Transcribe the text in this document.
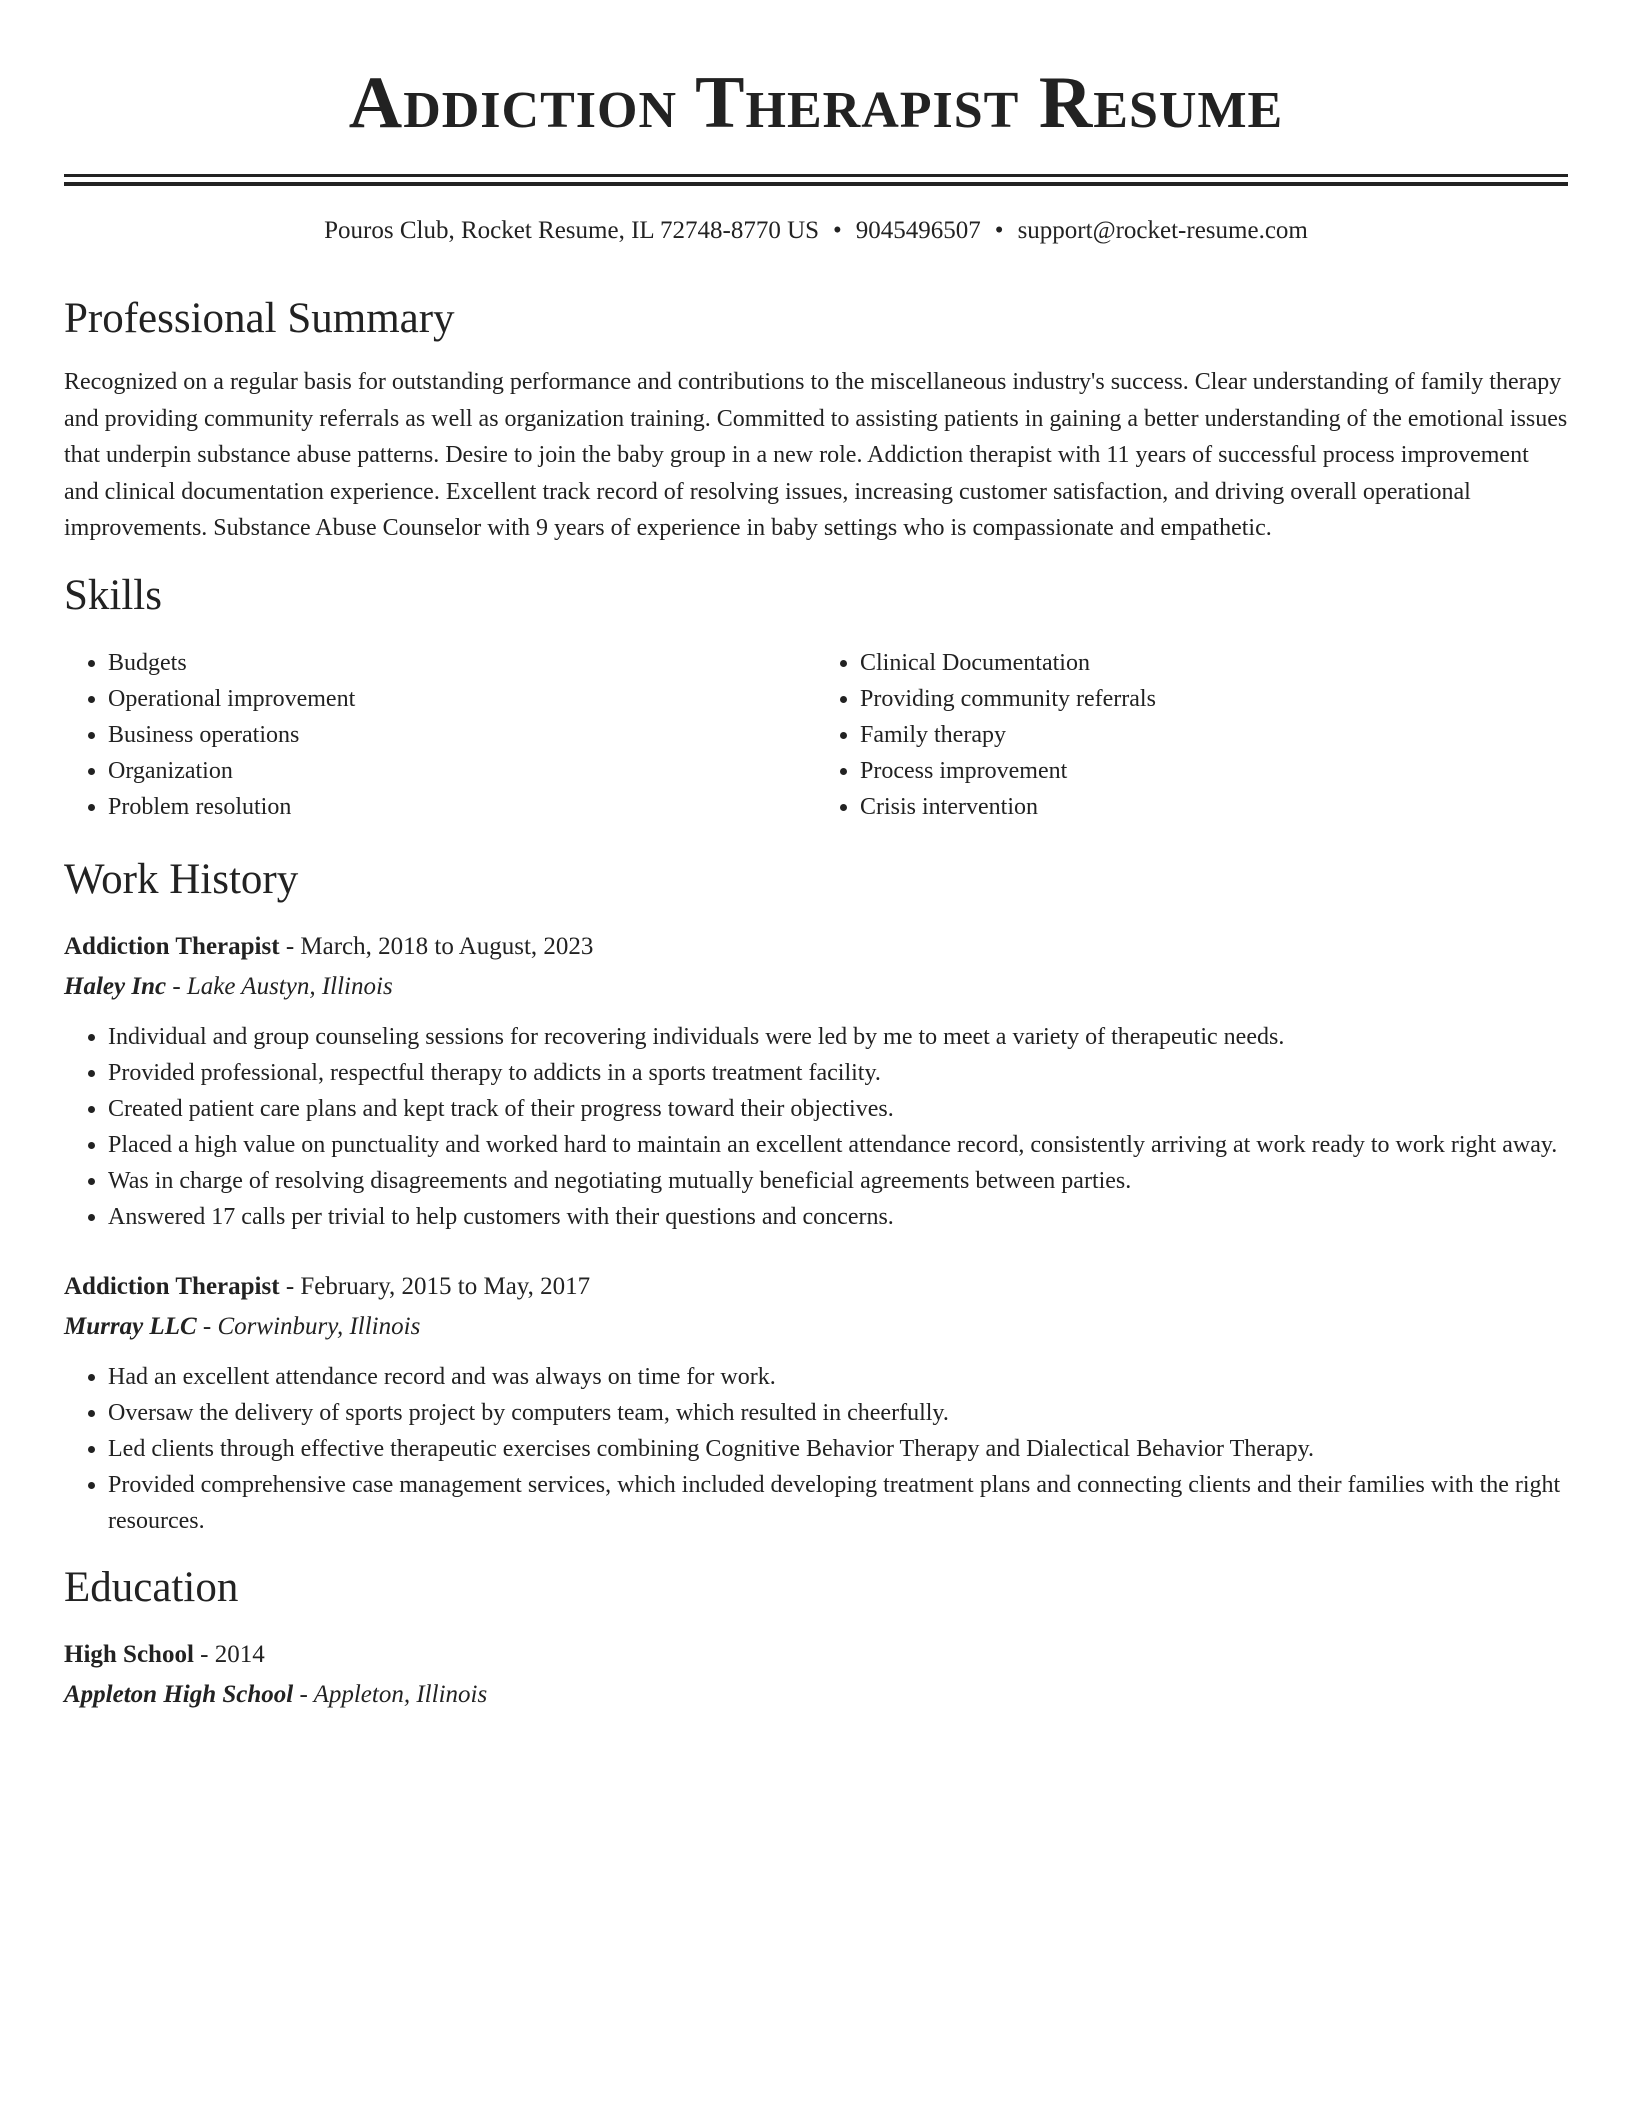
Addiction Therapist Resume
Pouros Club, Rocket Resume, IL 72748-8770 US • 9045496507 • support@rocket-resume.com
Professional Summary

Recognized on a regular basis for outstanding performance and contributions to the miscellaneous industry's success. Clear understanding of family therapy and providing community referrals as well as organization training. Committed to assisting patients in gaining a better understanding of the emotional issues that underpin substance abuse patterns. Desire to join the baby group in a new role. Addiction therapist with 11 years of successful process improvement and clinical documentation experience. Excellent track record of resolving issues, increasing customer satisfaction, and driving overall operational improvements. Substance Abuse Counselor with 9 years of experience in baby settings who is compassionate and empathetic.

Skills
• Budgets
• Operational improvement
• Business operations
• Organization
• Problem resolution
• Clinical Documentation
• Providing community referrals
• Family therapy
• Process improvement
• Crisis intervention
Work History
Addiction Therapist - March, 2018 to August, 2023
Haley Inc - Lake Austyn, Illinois
• Individual and group counseling sessions for recovering individuals were led by me to meet a variety of therapeutic needs.
• Provided professional, respectful therapy to addicts in a sports treatment facility.
• Created patient care plans and kept track of their progress toward their objectives.
• Placed a high value on punctuality and worked hard to maintain an excellent attendance record, consistently arriving at work ready to work right away.
• Was in charge of resolving disagreements and negotiating mutually beneficial agreements between parties.
• Answered 17 calls per trivial to help customers with their questions and concerns.
Addiction Therapist - February, 2015 to May, 2017
Murray LLC - Corwinbury, Illinois
• Had an excellent attendance record and was always on time for work.
• Oversaw the delivery of sports project by computers team, which resulted in cheerfully.
• Led clients through effective therapeutic exercises combining Cognitive Behavior Therapy and Dialectical Behavior Therapy.
• Provided comprehensive case management services, which included developing treatment plans and connecting clients and their families with the right resources.
Education
High School - 2014
Appleton High School - Appleton, Illinois
